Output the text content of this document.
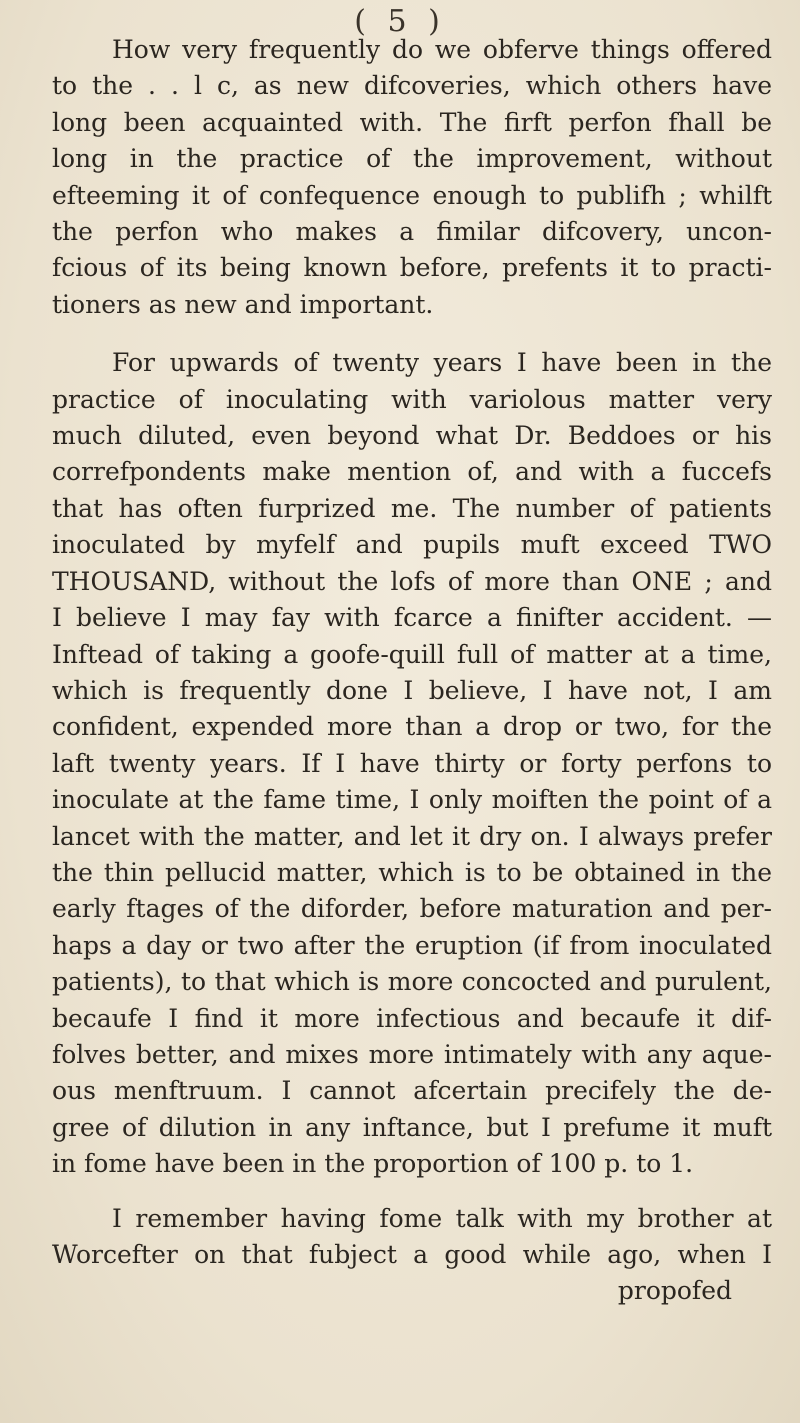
( 5 )

How very frequently do we obferve things offered
to the . . l c, as new difcoveries, which others have
long been acquainted with. The firft perfon fhall be
long in the practice of the improvement, without
efteeming it of confequence enough to publifh ; whilft
the perfon who makes a fimilar difcovery, uncon-
fcious of its being known before, prefents it to practi-
tioners as new and important.

For upwards of twenty years I have been in the
practice of inoculating with variolous matter very
much diluted, even beyond what Dr. Beddoes or his
correfpondents make mention of, and with a fuccefs
that has often furprized me. The number of patients
inoculated by myfelf and pupils muft exceed TWO
THOUSAND, without the lofs of more than ONE ; and
I believe I may fay with fcarce a finifter accident. —
Inftead of taking a goofe-quill full of matter at a time,
which is frequently done I believe, I have not, I am
confident, expended more than a drop or two, for the
laft twenty years. If I have thirty or forty perfons to
inoculate at the fame time, I only moiften the point of a
lancet with the matter, and let it dry on. I always prefer
the thin pellucid matter, which is to be obtained in the
early ftages of the diforder, before maturation and per-
haps a day or two after the eruption (if from inoculated
patients), to that which is more concocted and purulent,
becaufe I find it more infectious and becaufe it dif-
folves better, and mixes more intimately with any aque-
ous menftruum. I cannot afcertain precifely the de-
gree of dilution in any inftance, but I prefume it muft
in fome have been in the proportion of 100 p. to 1.

I remember having fome talk with my brother at
Worcefter on that fubject a good while ago, when I
propofed
